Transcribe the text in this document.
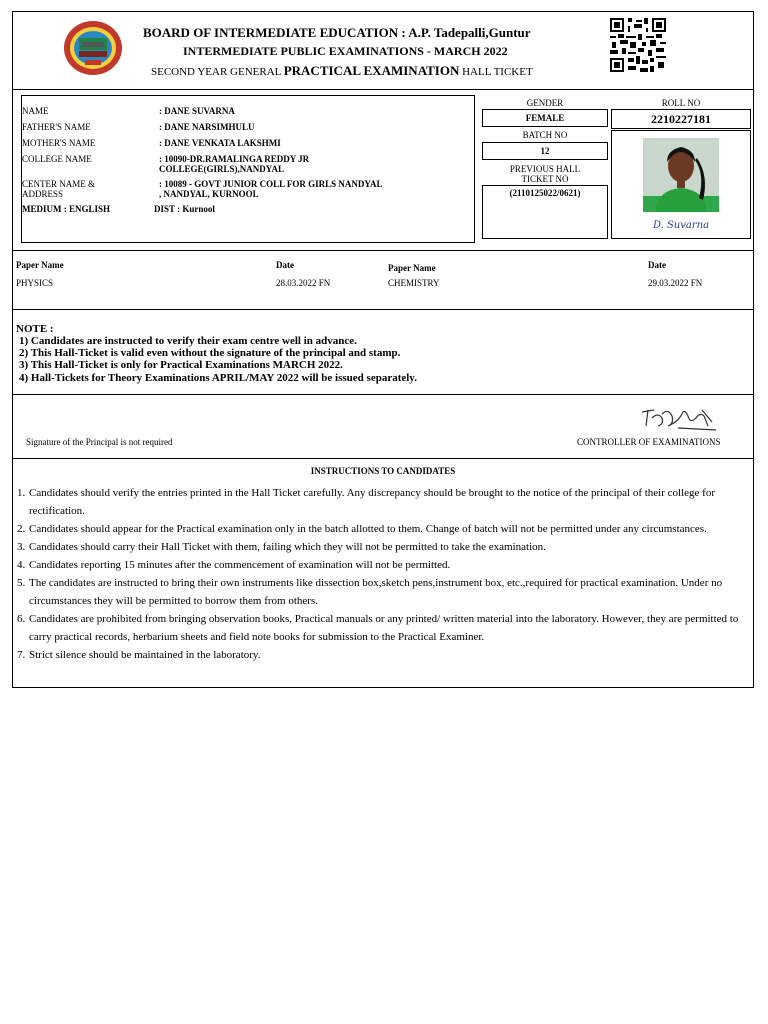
BOARD OF INTERMEDIATE EDUCATION : A.P. Tadepalli,Guntur
INTERMEDIATE PUBLIC EXAMINATIONS - MARCH 2022
SECOND YEAR GENERAL PRACTICAL EXAMINATION HALL TICKET
NAME	: DANE SUVARNA
FATHER'S NAME	: DANE NARSIMHULU
MOTHER'S NAME	: DANE VENKATA LAKSHMI
COLLEGE NAME	: 10090-DR.RAMALINGA REDDY JR
COLLEGE(GIRLS),NANDYAL
CENTER NAME &
ADDRESS
: 10089 - GOVT JUNIOR COLL FOR GIRLS NANDYAL
, NANDYAL, KURNOOL
MEDIUM : ENGLISH	DIST : Kurnool
GENDER
FEMALE
BATCH NO
12
PREVIOUS HALL
TICKET NO
(2110125022/0621)
ROLL NO
2210227181
D. Suvarna
Paper Name	Date	Paper Name	Date
PHYSICS	28.03.2022 FN	CHEMISTRY	29.03.2022 FN
NOTE :
1) Candidates are instructed to verify their exam centre well in advance.
2) This Hall-Ticket is valid even without the signature of the principal and stamp.
3) This Hall-Ticket is only for Practical Examinations MARCH 2022.
4) Hall-Tickets for Theory Examinations APRIL/MAY 2022 will be issued separately.
Signature of the Principal is not required	CONTROLLER OF EXAMINATIONS
INSTRUCTIONS TO CANDIDATES
1. Candidates should verify the entries printed in the Hall Ticket carefully. Any discrepancy should be brought to the notice of the principal of their college for rectification.
2. Candidates should appear for the Practical examination only in the batch allotted to them. Change of batch will not be permitted under any circumstances.
3. Candidates should carry their Hall Ticket with them, failing which they will not be permitted to take the examination.
4. Candidates reporting 15 minutes after the commencement of examination will not be permitted.
5. The candidates are instructed to bring their own instruments like dissection box,sketch pens,instrument box, etc.,required for practical examination. Under no circumstances they will be permitted to borrow them from others.
6. Candidates are prohibited from bringing observation books, Practical manuals or any printed/ written material into the laboratory. However, they are permitted to carry practical records, herbarium sheets and field note books for submission to the Practical Examiner.
7. Strict silence should be maintained in the laboratory.
